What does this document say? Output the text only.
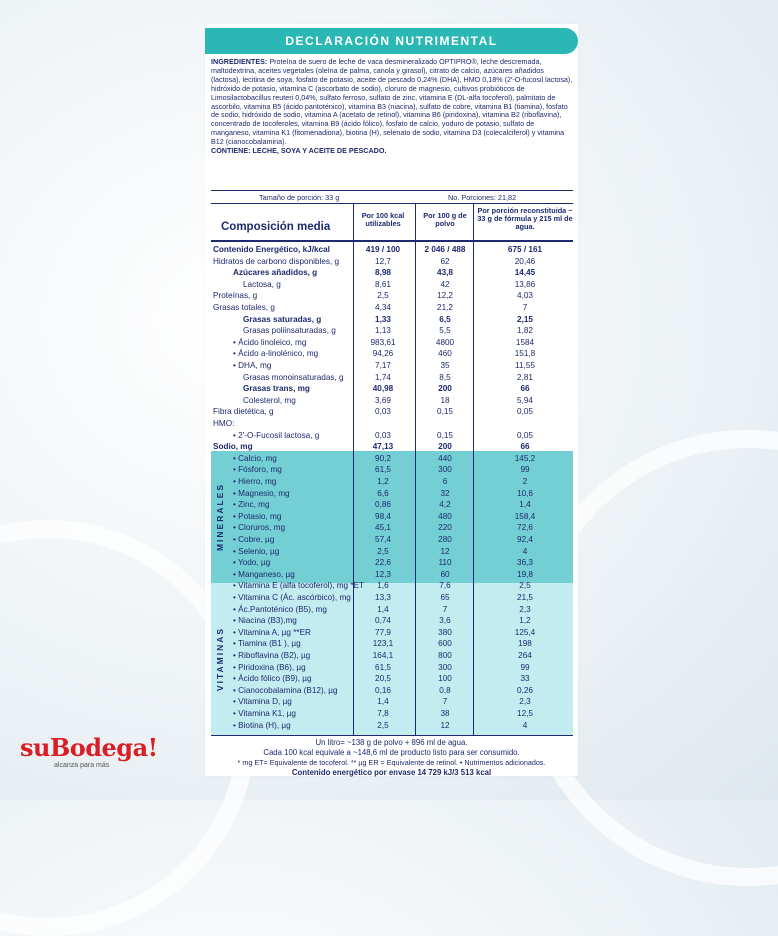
DECLARACIÓN NUTRIMENTAL
INGREDIENTES: Proteína de suero de leche de vaca desmineralizado OPTIPRO®, leche descremada, maltodextrina, aceites vegetales (oleína de palma, canola y girasol), citrato de calcio, azúcares añadidos (lactosa), lecitina de soya, fosfato de potasio, aceite de pescado 0,24% (DHA), HMO 0,18% (2'-O-fucosil lactosa), hidróxido de potasio, vitamina C (ascorbato de sodio), cloruro de magnesio, cultivos probióticos de Limosilactobacillus reuteri 0,04%, sulfato ferroso, sulfato de zinc, vitamina E (DL-alfa tocoferol), palmitato de ascorbilo, vitamina B5 (ácido pantoténico), vitamina B3 (niacina), sulfato de cobre, vitamina B1 (tiamina), fosfato de sodio, hidróxido de sodio, vitamina A (acetato de retinol), vitamina B6 (piridoxina), vitamina B2 (riboflavina), concentrado de tocoferoles, vitamina B9 (ácido fólico), fosfato de calcio, yoduro de potasio, sulfato de manganeso, vitamina K1 (fitomenadiona), biotina (H), selenato de sodio, vitamina D3 (colecalciferol) y vitamina B12 (cianocobalamina).
CONTIENE: LECHE, SOYA Y ACEITE DE PESCADO.
Tamaño de porción: 33 g	No. Porciones: 21,82
Composición media
Por 100 kcal utilizables
Por 100 g de polvo
Por porción reconstituida ~ 33 g de fórmula y 215 ml de agua.
MINERALES
VITAMINAS
Contenido Energético, kJ/kcal	419 / 100	2 046 / 488	675 / 161
Hidratos de carbono disponibles, g	12,7	62	20,46
Azúcares añadidos, g	8,98	43,8	14,45
Lactosa, g	8,61	42	13,86
Proteínas, g	2,5	12,2	4,03
Grasas totales, g	4,34	21,2	7
Grasas saturadas, g	1,33	6,5	2,15
Grasas poliinsaturadas, g	1,13	5,5	1,82
• Ácido linoleico, mg	983,61	4800	1584
• Ácido a-linolénico, mg	94,26	460	151,8
• DHA, mg	7,17	35	11,55
Grasas monoinsaturadas, g	1,74	8,5	2,81
Grasas trans, mg	40,98	200	66
Colesterol, mg	3,69	18	5,94
Fibra dietética, g	0,03	0,15	0,05
HMO:
• 2'-O-Fucosil lactosa, g	0,03	0,15	0,05
Sodio, mg	47,13	200	66
• Calcio, mg	90,2	440	145,2
• Fósforo, mg	61,5	300	99
• Hierro, mg	1,2	6	2
• Magnesio, mg	6,6	32	10,6
• Zinc, mg	0,86	4,2	1,4
• Potasio, mg	98,4	480	158,4
• Cloruros, mg	45,1	220	72,6
• Cobre, µg	57,4	280	92,4
• Selenio, µg	2,5	12	4
• Yodo, µg	22,6	110	36,3
• Manganeso, µg	12,3	60	19,8
• Vitamina E (alfa tocoferol), mg *ET	1,6	7,6	2,5
• Vitamina C (Ác. ascórbico), mg	13,3	65	21,5
• Ác.Pantoténico (B5), mg	1,4	7	2,3
• Niacina (B3),mg	0,74	3,6	1,2
• Vitamina A, µg **ER	77,9	380	125,4
• Tiamina (B1 ), µg	123,1	600	198
• Riboflavina (B2), µg	164,1	800	264
• Piridoxina (B6), µg	61,5	300	99
• Ácido fólico (B9), µg	20,5	100	33
• Cianocobalamina (B12), µg	0,16	0,8	0,26
• Vitamina D, µg	1,4	7	2,3
• Vitamina K1, µg	7,8	38	12,5
• Biotina (H), µg	2,5	12	4
Un litro= ~138 g de polvo + 896 ml de agua.
Cada 100 kcal equivale a ~148,6 ml de producto listo para ser consumido.
* mg ET= Equivalente de tocoferol. ** µg ER = Equivalente de retinol. • Nutrimentos adicionados.
Contenido energético por envase 14 729 kJ/3 513 kcal
suBodega!
alcanza para más
